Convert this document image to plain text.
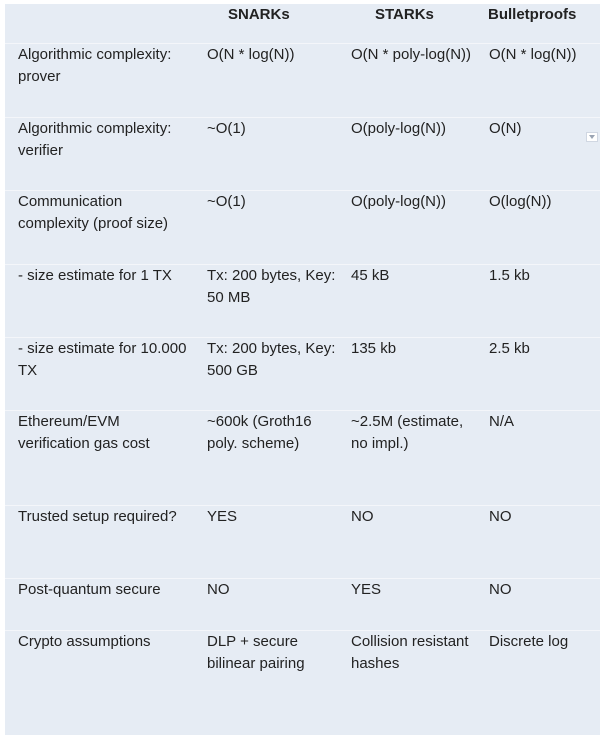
	SNARKs	STARKs	Bulletproofs
Algorithmic complexity: prover	O(N * log(N))	O(N * poly-log(N))	O(N * log(N))
Algorithmic complexity: verifier	~O(1)	O(poly-log(N))	O(N)
Communication complexity (proof size)	~O(1)	O(poly-log(N))	O(log(N))
- size estimate for 1 TX	Tx: 200 bytes, Key: 50 MB	45 kB	1.5 kb
- size estimate for 10.000 TX	Tx: 200 bytes, Key: 500 GB	135 kb	2.5 kb
Ethereum/EVM verification gas cost	~600k (Groth16 poly. scheme)	~2.5M (estimate, no impl.)	N/A
Trusted setup required?	YES	NO	NO
Post-quantum secure	NO	YES	NO
Crypto assumptions	DLP + secure bilinear pairing	Collision resistant hashes	Discrete log
